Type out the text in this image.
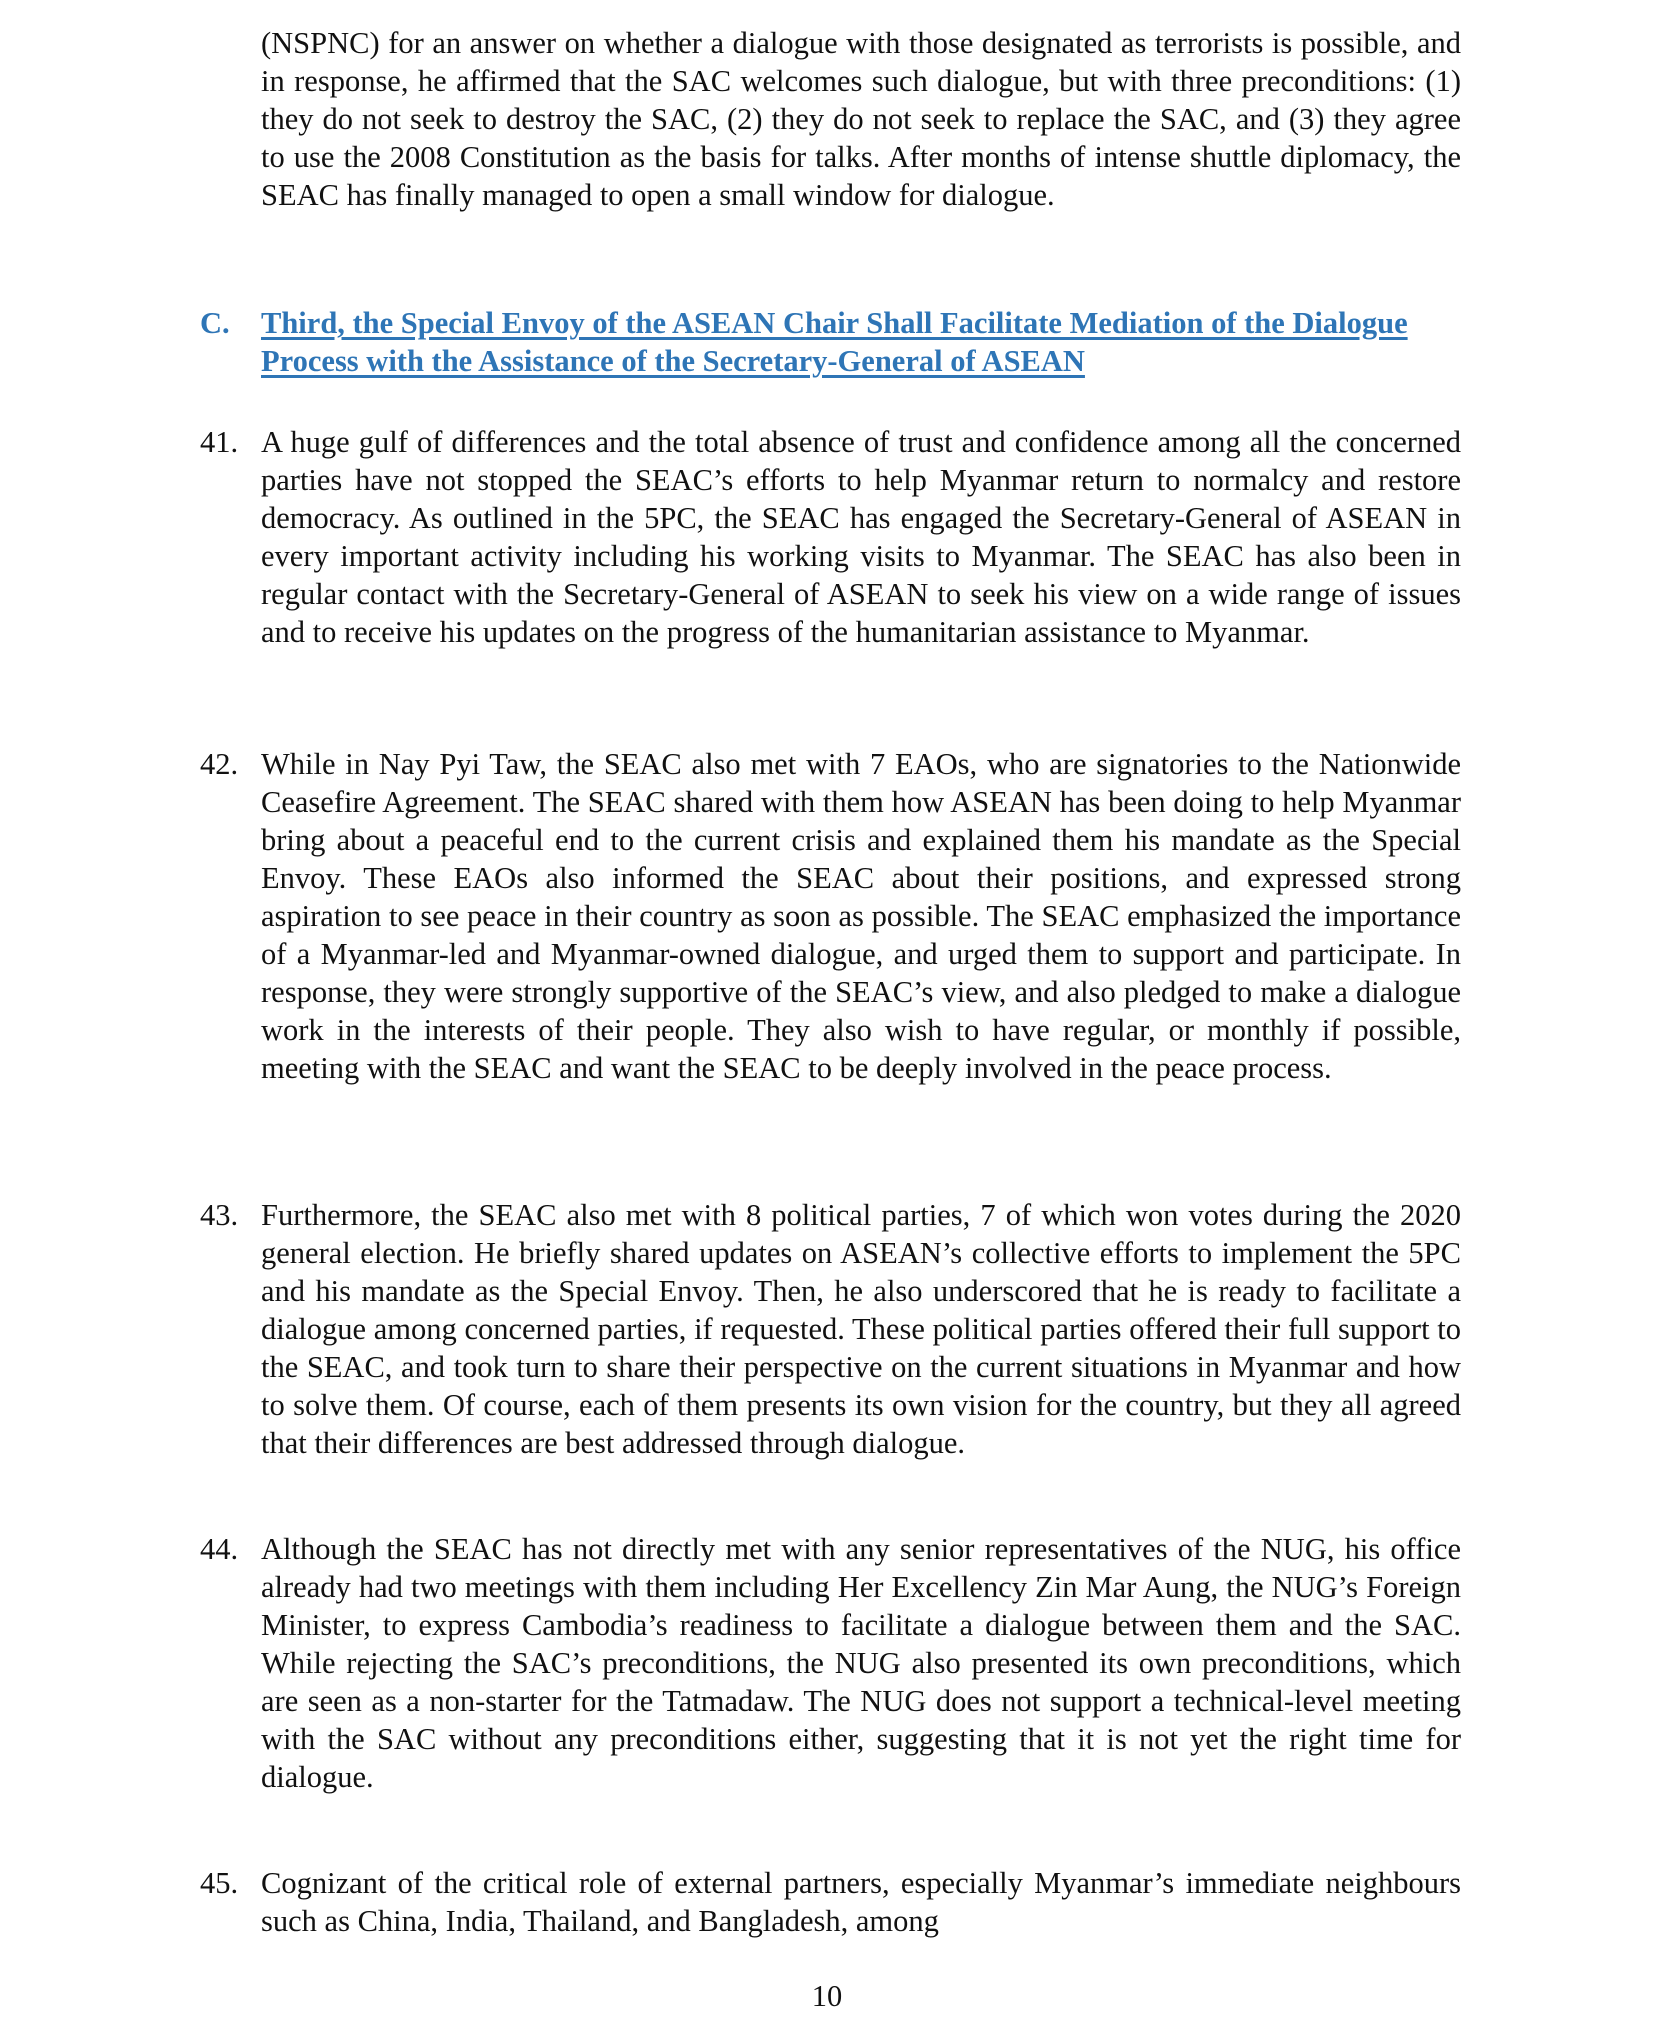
(NSPNC) for an answer on whether a dialogue with those designated as terrorists is possible, and in response, he affirmed that the SAC welcomes such dialogue, but with three preconditions: (1) they do not seek to destroy the SAC, (2) they do not seek to replace the SAC, and (3) they agree to use the 2008 Constitution as the basis for talks. After months of intense shuttle diplomacy, the SEAC has finally managed to open a small window for dialogue.

C. Third, the Special Envoy of the ASEAN Chair Shall Facilitate Mediation of the Dialogue Process with the Assistance of the Secretary-General of ASEAN
41. A huge gulf of differences and the total absence of trust and confidence among all the concerned parties have not stopped the SEAC’s efforts to help Myanmar return to normalcy and restore democracy. As outlined in the 5PC, the SEAC has engaged the Secretary-General of ASEAN in every important activity including his working visits to Myanmar. The SEAC has also been in regular contact with the Secretary-General of ASEAN to seek his view on a wide range of issues and to receive his updates on the progress of the humanitarian assistance to Myanmar.
42. While in Nay Pyi Taw, the SEAC also met with 7 EAOs, who are signatories to the Nationwide Ceasefire Agreement. The SEAC shared with them how ASEAN has been doing to help Myanmar bring about a peaceful end to the current crisis and explained them his mandate as the Special Envoy. These EAOs also informed the SEAC about their positions, and expressed strong aspiration to see peace in their country as soon as possible. The SEAC emphasized the importance of a Myanmar-led and Myanmar-owned dialogue, and urged them to support and participate. In response, they were strongly supportive of the SEAC’s view, and also pledged to make a dialogue work in the interests of their people. They also wish to have regular, or monthly if possible, meeting with the SEAC and want the SEAC to be deeply involved in the peace process.
43. Furthermore, the SEAC also met with 8 political parties, 7 of which won votes during the 2020 general election. He briefly shared updates on ASEAN’s collective efforts to implement the 5PC and his mandate as the Special Envoy. Then, he also underscored that he is ready to facilitate a dialogue among concerned parties, if requested. These political parties offered their full support to the SEAC, and took turn to share their perspective on the current situations in Myanmar and how to solve them. Of course, each of them presents its own vision for the country, but they all agreed that their differences are best addressed through dialogue.
44. Although the SEAC has not directly met with any senior representatives of the NUG, his office already had two meetings with them including Her Excellency Zin Mar Aung, the NUG’s Foreign Minister, to express Cambodia’s readiness to facilitate a dialogue between them and the SAC. While rejecting the SAC’s preconditions, the NUG also presented its own preconditions, which are seen as a non-starter for the Tatmadaw. The NUG does not support a technical-level meeting with the SAC without any preconditions either, suggesting that it is not yet the right time for dialogue.
45. Cognizant of the critical role of external partners, especially Myanmar’s immediate neighbours such as China, India, Thailand, and Bangladesh, among
10
